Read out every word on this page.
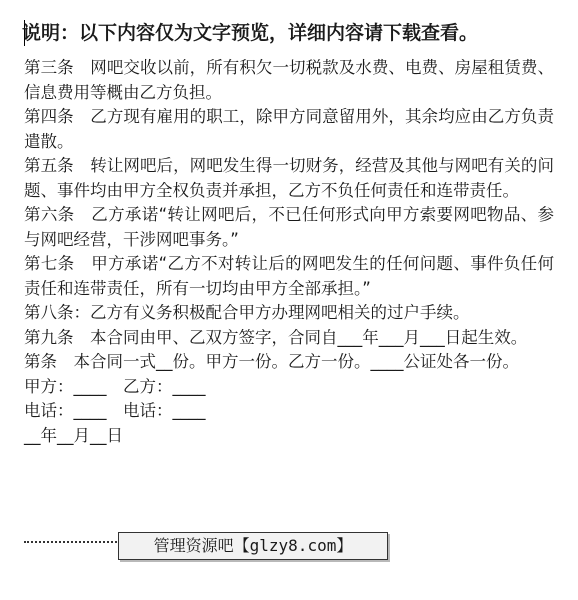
说明：以下内容仅为文字预览，详细内容请下载查看。

第三条　网吧交收以前，所有积欠一切税款及水费、电费、房屋租赁费、信息费用等概由乙方负担。

第四条　乙方现有雇用的职工，除甲方同意留用外，其余均应由乙方负责遣散。

第五条　转让网吧后，网吧发生得一切财务，经营及其他与网吧有关的问题、事件均由甲方全权负责并承担，乙方不负任何责任和连带责任。

第六条　乙方承诺“转让网吧后，不已任何形式向甲方索要网吧物品、参与网吧经营，干涉网吧事务。”

第七条　甲方承诺“乙方不对转让后的网吧发生的任何问题、事件负任何责任和连带责任，所有一切均由甲方全部承担。”

第八条：乙方有义务积极配合甲方办理网吧相关的过户手续。

第九条　本合同由甲、乙双方签字，合同自___年___月___日起生效。

第条　本合同一式__份。甲方一份。乙方一份。____公证处各一份。

甲方：____　乙方：____

电话：____　电话：____

__年__月__日

管理资源吧【glzy8.com】
